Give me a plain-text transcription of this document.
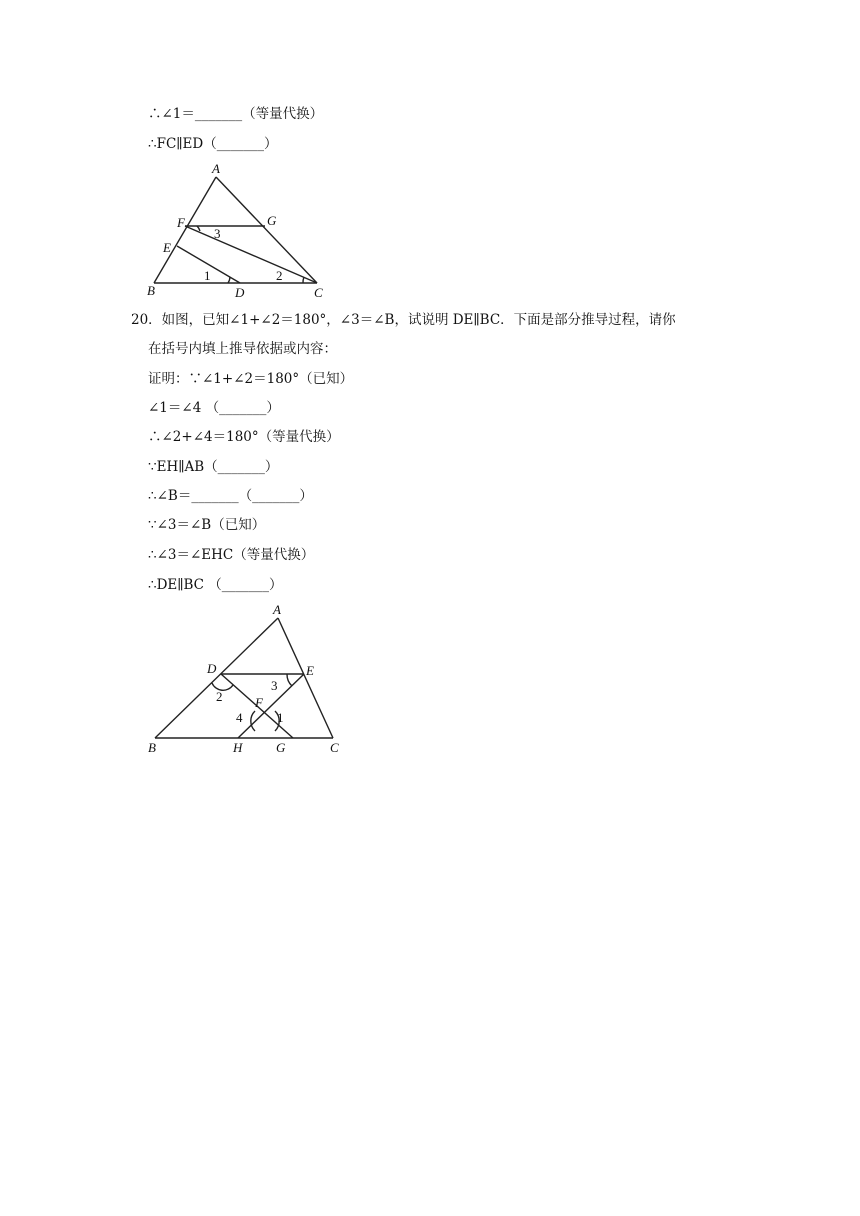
∴∠1＝_______（等量代换）
∴FC∥ED（_______）
A
F	G
E
B	D	C
3
1	2
20．如图，已知∠1+∠2＝180°，∠3＝∠B，试说明 DE∥BC．下面是部分推导过程，请你
在括号内填上推导依据或内容：
证明：∵∠1+∠2＝180°（已知）
∠1＝∠4 （_______）
∴∠2+∠4＝180°（等量代换）
∵EH∥AB（_______）
∴∠B＝_______（_______）
∵∠3＝∠B（已知）
∴∠3＝∠EHC（等量代换）
∴DE∥BC （_______）
A
D	E
F
B	H	G	C
2
3
4	1
